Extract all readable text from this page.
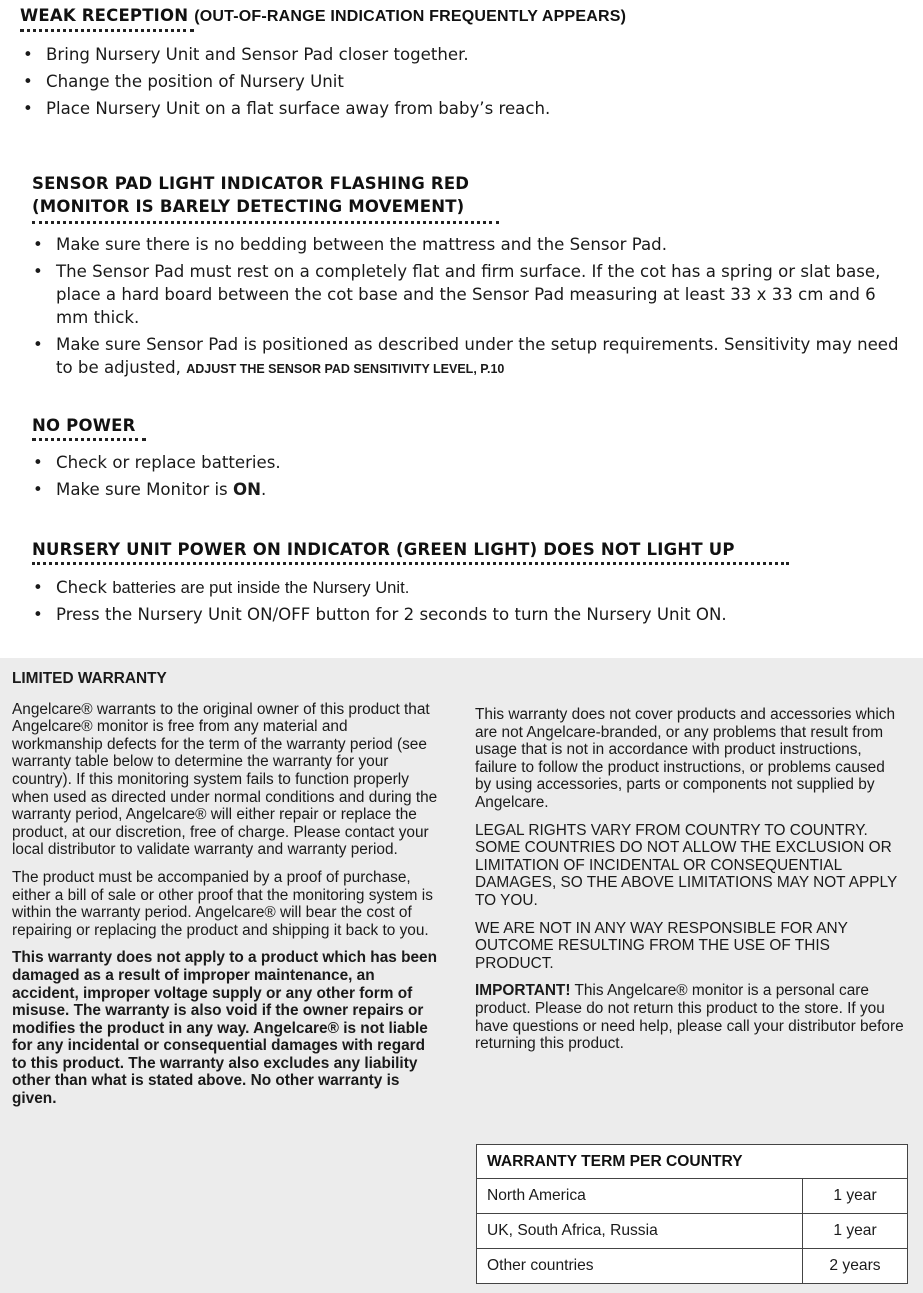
WEAK RECEPTION (OUT-OF-RANGE INDICATION FREQUENTLY APPEARS)
• Bring Nursery Unit and Sensor Pad closer together.
• Change the position of Nursery Unit
• Place Nursery Unit on a flat surface away from baby’s reach.
SENSOR PAD LIGHT INDICATOR FLASHING RED
(MONITOR IS BARELY DETECTING MOVEMENT)
• Make sure there is no bedding between the mattress and the Sensor Pad.
• The Sensor Pad must rest on a completely flat and firm surface. If the cot has a spring or slat base, place a hard board between the cot base and the Sensor Pad measuring at least 33 x 33 cm and 6 mm thick.
• Make sure Sensor Pad is positioned as described under the setup requirements. Sensitivity may need to be adjusted, ADJUST THE SENSOR PAD SENSITIVITY LEVEL, P.10
NO POWER
• Check or replace batteries.
• Make sure Monitor is ON.
NURSERY UNIT POWER ON INDICATOR (GREEN LIGHT) DOES NOT LIGHT UP
• Check batteries are put inside the Nursery Unit.
• Press the Nursery Unit ON/OFF button for 2 seconds to turn the Nursery Unit ON.
LIMITED WARRANTY

Angelcare® warrants to the original owner of this product that Angelcare® monitor is free from any material and workmanship defects for the term of the warranty period (see warranty table below to determine the warranty for your country). If this monitoring system fails to function properly when used as directed under normal conditions and during the warranty period, Angelcare® will either repair or replace the product, at our discretion, free of charge. Please contact your local distributor to validate warranty and warranty period.

The product must be accompanied by a proof of purchase, either a bill of sale or other proof that the monitoring system is within the warranty period. Angelcare® will bear the cost of repairing or replacing the product and shipping it back to you.

This warranty does not apply to a product which has been damaged as a result of improper maintenance, an accident, improper voltage supply or any other form of misuse. The warranty is also void if the owner repairs or modifies the product in any way. Angelcare® is not liable for any incidental or consequential damages with regard to this product. The warranty also excludes any liability other than what is stated above. No other warranty is given.

This warranty does not cover products and accessories which are not Angelcare-branded, or any problems that result from usage that is not in accordance with product instructions, failure to follow the product instructions, or problems caused by using accessories, parts or components not supplied by Angelcare.

LEGAL RIGHTS VARY FROM COUNTRY TO COUNTRY. SOME COUNTRIES DO NOT ALLOW THE EXCLUSION OR LIMITATION OF INCIDENTAL OR CONSEQUENTIAL DAMAGES, SO THE ABOVE LIMITATIONS MAY NOT APPLY TO YOU.

WE ARE NOT IN ANY WAY RESPONSIBLE FOR ANY OUTCOME RESULTING FROM THE USE OF THIS PRODUCT.

IMPORTANT! This Angelcare® monitor is a personal care product. Please do not return this product to the store. If you have questions or need help, please call your distributor before returning this product.

WARRANTY TERM PER COUNTRY	
North America	1 year
UK, South Africa, Russia	1 year
Other countries	2 years
